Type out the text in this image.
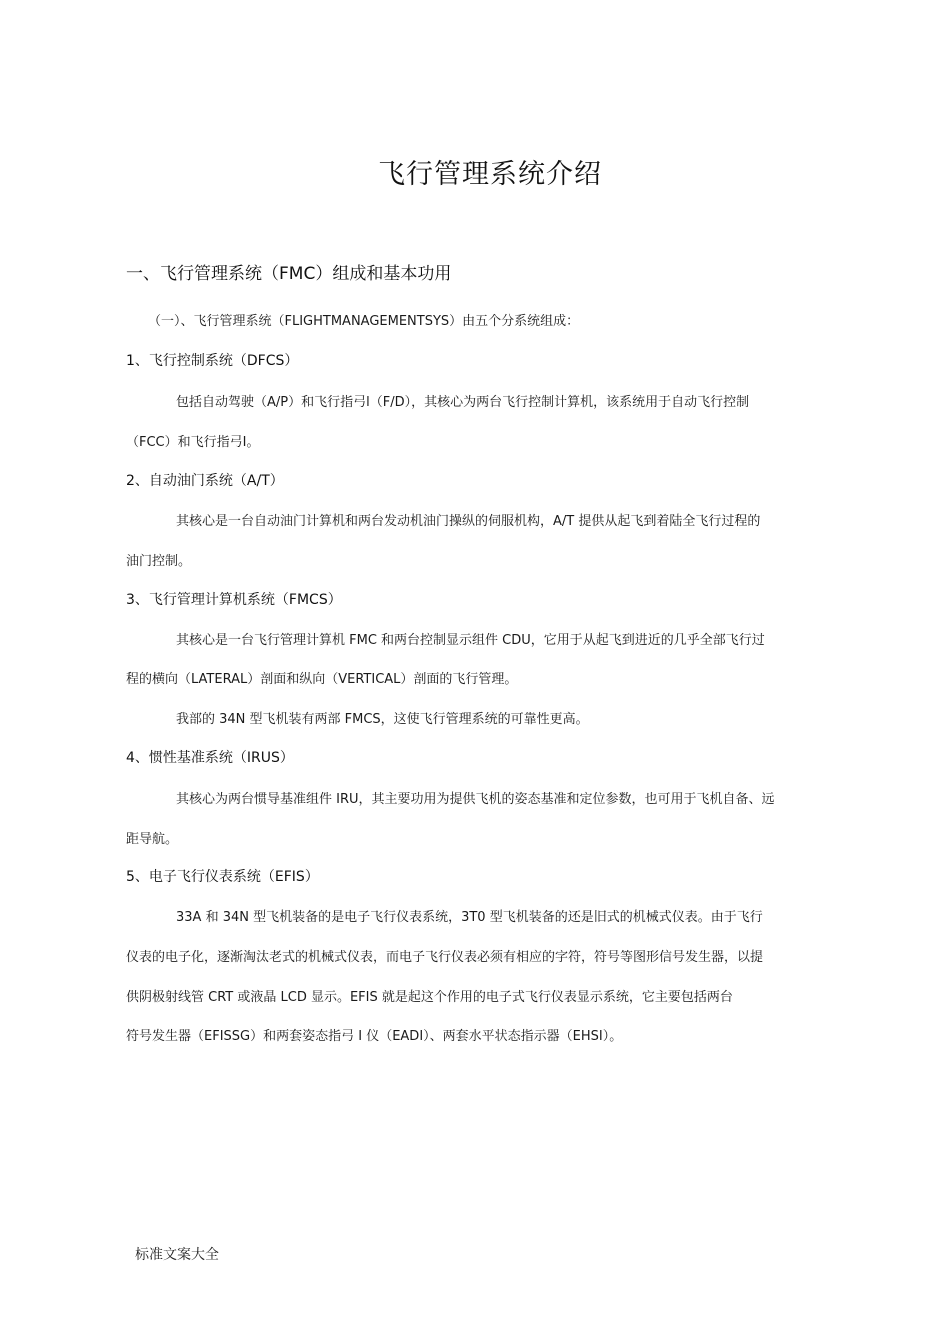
飞行管理系统介绍
一、飞行管理系统（FMC）组成和基本功用
（一）、飞行管理系统（FLIGHTMANAGEMENTSYS）由五个分系统组成：
1、飞行控制系统（DFCS）
包括自动驾驶（A/P）和飞行指弓l（F/D），其核心为两台飞行控制计算机，该系统用于自动飞行控制
（FCC）和飞行指弓I。
2、自动油门系统（A/T）
其核心是一台自动油门计算机和两台发动机油门操纵的伺服机构，A/T 提供从起飞到着陆全飞行过程的
油门控制。
3、飞行管理计算机系统（FMCS）
其核心是一台飞行管理计算机 FMC 和两台控制显示组件 CDU，它用于从起飞到进近的几乎全部飞行过
程的横向（LATERAL）剖面和纵向（VERTICAL）剖面的飞行管理。
我部的 34N 型飞机装有两部 FMCS，这使飞行管理系统的可靠性更高。
4、惯性基准系统（IRUS）
其核心为两台惯导基准组件 IRU，其主要功用为提供飞机的姿态基准和定位参数，也可用于飞机自备、远
距导航。
5、电子飞行仪表系统（EFIS）
33A 和 34N 型飞机装备的是电子飞行仪表系统，3T0 型飞机装备的还是旧式的机械式仪表。由于飞行
仪表的电子化，逐渐淘汰老式的机械式仪表，而电子飞行仪表必须有相应的字符，符号等图形信号发生器，以提
供阴极射线管 CRT 或液晶 LCD 显示。EFIS 就是起这个作用的电子式飞行仪表显示系统，它主要包括两台
符号发生器（EFISSG）和两套姿态指弓 I 仪（EADI）、两套水平状态指示器（EHSI）。
标准文案大全
